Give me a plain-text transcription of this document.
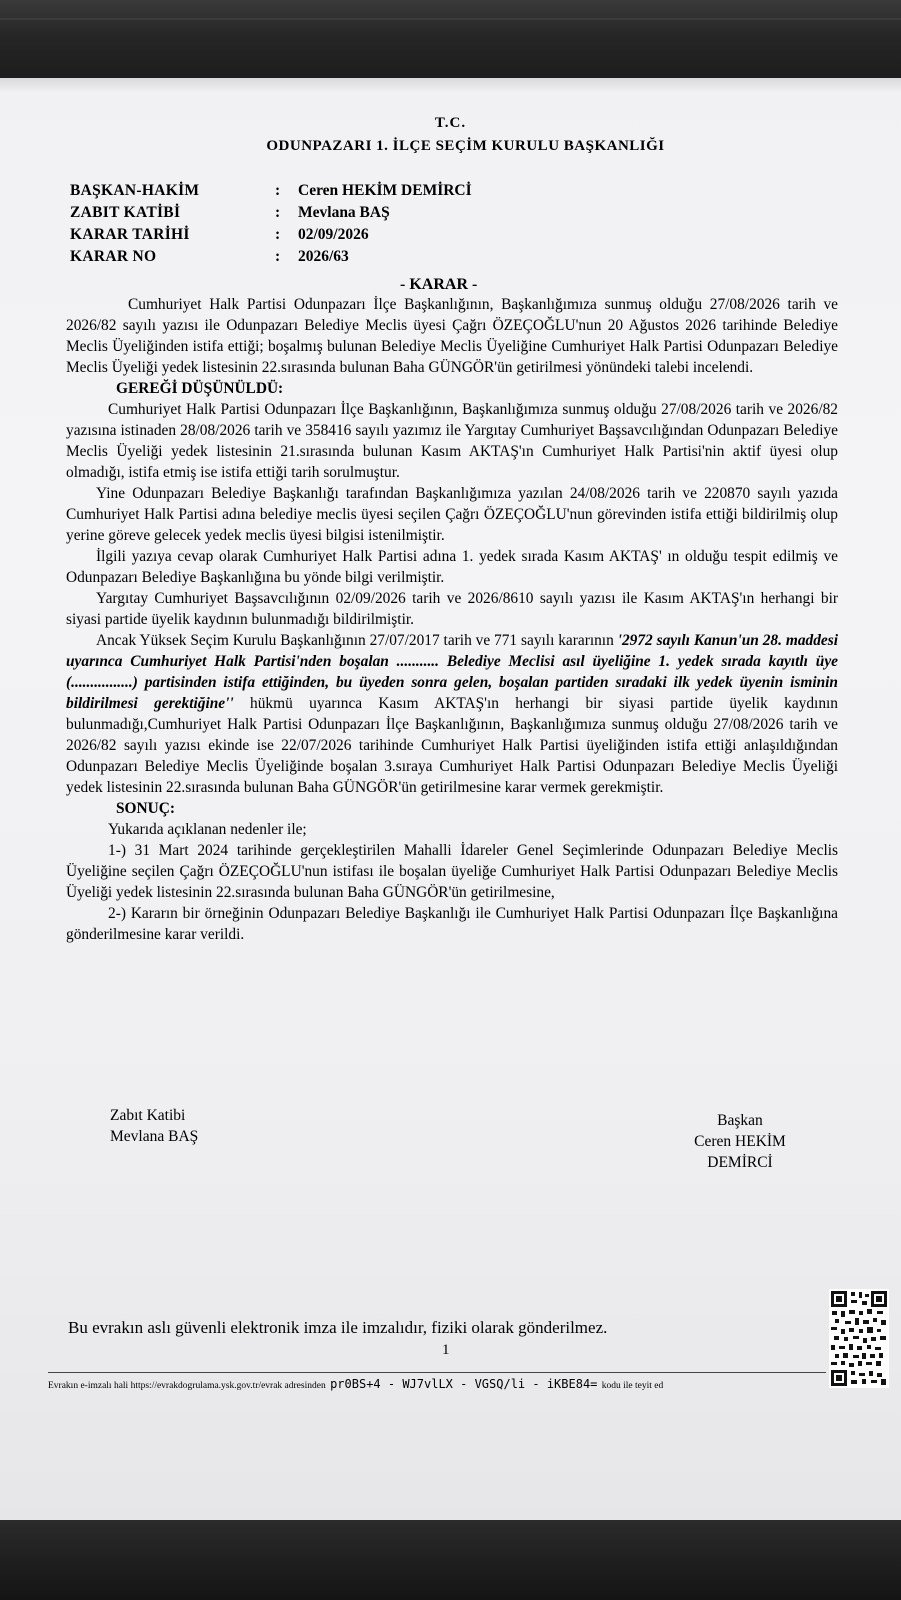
T.C.
ODUNPAZARI 1. İLÇE SEÇİM KURULU BAŞKANLIĞI
BAŞKAN-HAKİM	:	Ceren HEKİM DEMİRCİ
ZABIT KATİBİ	:	Mevlana BAŞ
KARAR TARİHİ	:	02/09/2026
KARAR NO	:	2026/63
- KARAR -

Cumhuriyet Halk Partisi Odunpazarı İlçe Başkanlığının, Başkanlığımıza sunmuş olduğu 27/08/2026 tarih ve 2026/82 sayılı yazısı ile Odunpazarı Belediye Meclis üyesi Çağrı ÖZEÇOĞLU'nun 20 Ağustos 2026 tarihinde Belediye Meclis Üyeliğinden istifa ettiği; boşalmış bulunan Belediye Meclis Üyeliğine Cumhuriyet Halk Partisi Odunpazarı Belediye Meclis Üyeliği yedek listesinin 22.sırasında bulunan Baha GÜNGÖR'ün getirilmesi yönündeki talebi incelendi.

GEREĞİ DÜŞÜNÜLDÜ:

Cumhuriyet Halk Partisi Odunpazarı İlçe Başkanlığının, Başkanlığımıza sunmuş olduğu 27/08/2026 tarih ve 2026/82 yazısına istinaden 28/08/2026 tarih ve 358416 sayılı yazımız ile Yargıtay Cumhuriyet Başsavcılığından Odunpazarı Belediye Meclis Üyeliği yedek listesinin 21.sırasında bulunan Kasım AKTAŞ'ın Cumhuriyet Halk Partisi'nin aktif üyesi olup olmadığı, istifa etmiş ise istifa ettiği tarih sorulmuştur.

Yine Odunpazarı Belediye Başkanlığı tarafından Başkanlığımıza yazılan 24/08/2026 tarih ve 220870 sayılı yazıda Cumhuriyet Halk Partisi adına belediye meclis üyesi seçilen Çağrı ÖZEÇOĞLU'nun görevinden istifa ettiği bildirilmiş olup yerine göreve gelecek yedek meclis üyesi bilgisi istenilmiştir.

İlgili yazıya cevap olarak Cumhuriyet Halk Partisi adına 1. yedek sırada Kasım AKTAŞ' ın olduğu tespit edilmiş ve Odunpazarı Belediye Başkanlığına bu yönde bilgi verilmiştir.

Yargıtay Cumhuriyet Başsavcılığının 02/09/2026 tarih ve 2026/8610 sayılı yazısı ile Kasım AKTAŞ'ın herhangi bir siyasi partide üyelik kaydının bulunmadığı bildirilmiştir.

Ancak Yüksek Seçim Kurulu Başkanlığının 27/07/2017 tarih ve 771 sayılı kararının '2972 sayılı Kanun'un 28. maddesi uyarınca Cumhuriyet Halk Partisi'nden boşalan ........... Belediye Meclisi asıl üyeliğine 1. yedek sırada kayıtlı üye (................) partisinden istifa ettiğinden, bu üyeden sonra gelen, boşalan partiden sıradaki ilk yedek üyenin isminin bildirilmesi gerektiğine'' hükmü uyarınca Kasım AKTAŞ'ın herhangi bir siyasi partide üyelik kaydının bulunmadığı,Cumhuriyet Halk Partisi Odunpazarı İlçe Başkanlığının, Başkanlığımıza sunmuş olduğu 27/08/2026 tarih ve 2026/82 sayılı yazısı ekinde ise 22/07/2026 tarihinde Cumhuriyet Halk Partisi üyeliğinden istifa ettiği anlaşıldığından Odunpazarı Belediye Meclis Üyeliğinde boşalan 3.sıraya Cumhuriyet Halk Partisi Odunpazarı Belediye Meclis Üyeliği yedek listesinin 22.sırasında bulunan Baha GÜNGÖR'ün getirilmesine karar vermek gerekmiştir.

SONUÇ:

Yukarıda açıklanan nedenler ile;

1-) 31 Mart 2024 tarihinde gerçekleştirilen Mahalli İdareler Genel Seçimlerinde Odunpazarı Belediye Meclis Üyeliğine seçilen Çağrı ÖZEÇOĞLU'nun istifası ile boşalan üyeliğe Cumhuriyet Halk Partisi Odunpazarı Belediye Meclis Üyeliği yedek listesinin 22.sırasında bulunan Baha GÜNGÖR'ün getirilmesine,

2-) Kararın bir örneğinin Odunpazarı Belediye Başkanlığı ile Cumhuriyet Halk Partisi Odunpazarı İlçe Başkanlığına gönderilmesine karar verildi.

Zabıt Katibi
Mevlana BAŞ
Başkan
Ceren HEKİM
DEMİRCİ
Bu evrakın aslı güvenli elektronik imza ile imzalıdır, fiziki olarak gönderilmez.
1
Evrakın e-imzalı hali https://evrakdogrulama.ysk.gov.tr/evrak adresinden pr0BS+4 - WJ7vlLX - VGSQ/li - iKBE84= kodu ile teyit ed
